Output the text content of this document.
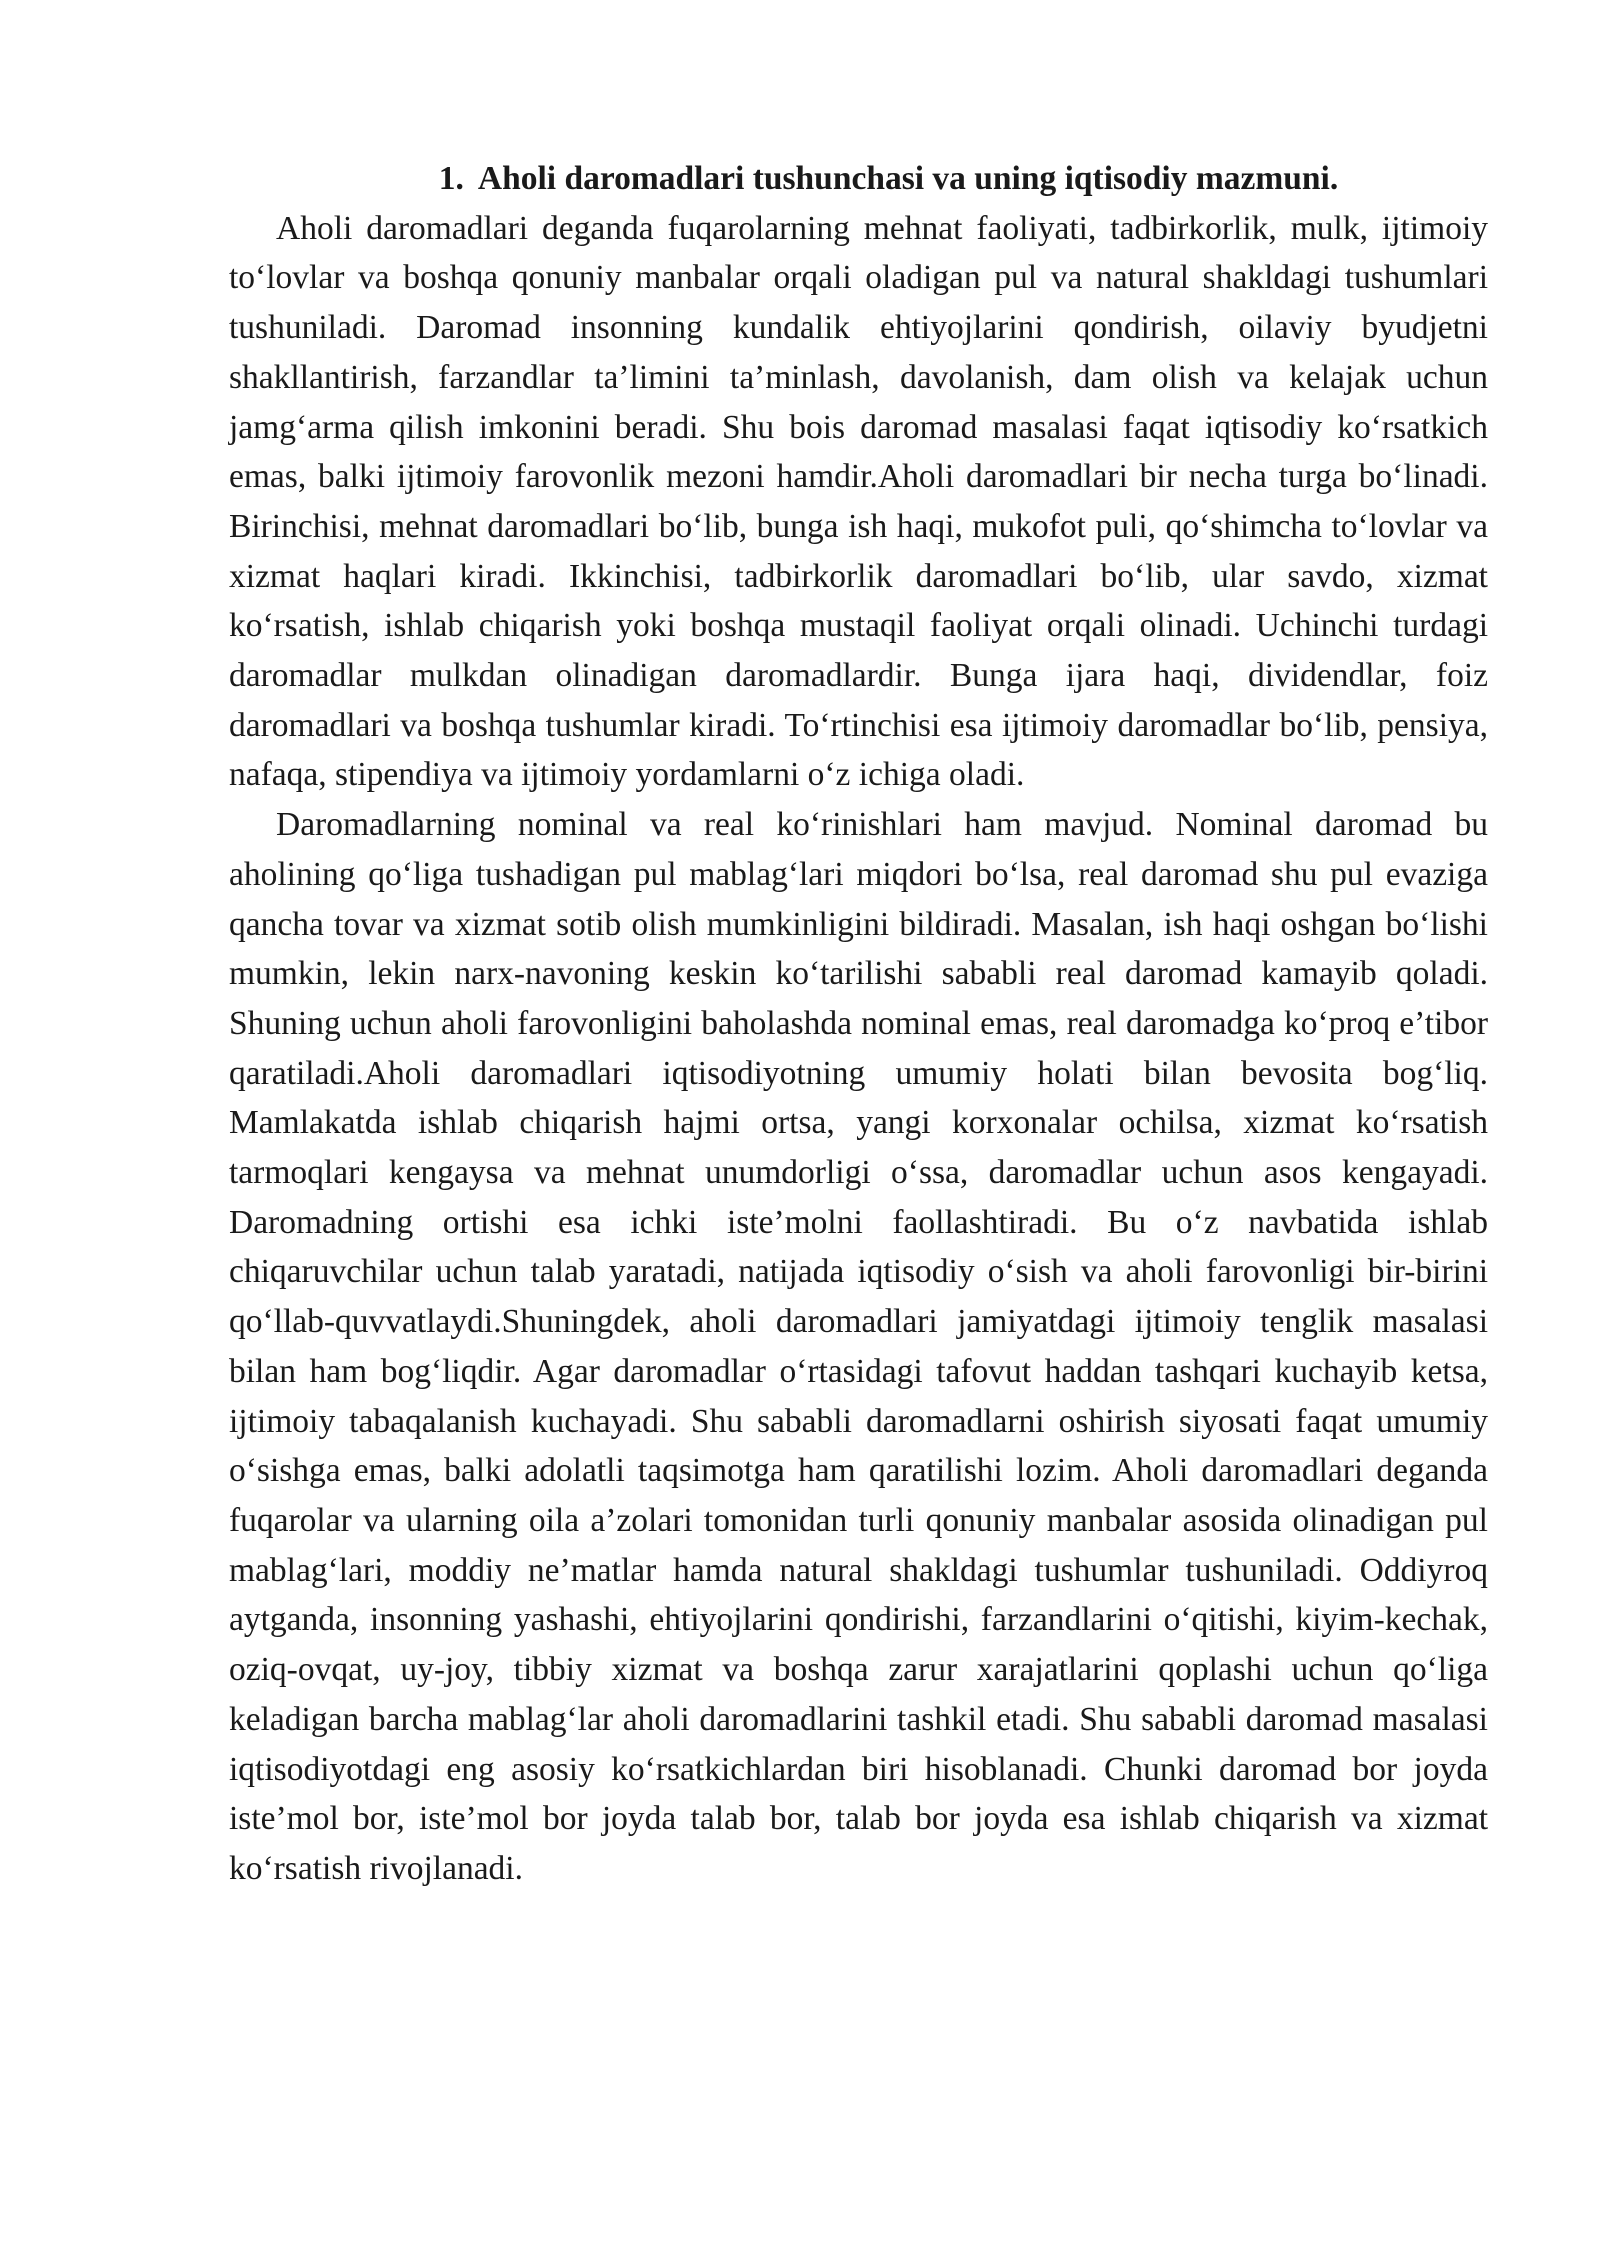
1. Aholi daromadlari tushunchasi va uning iqtisodiy mazmuni.

Aholi daromadlari deganda fuqarolarning mehnat faoliyati, tadbirkorlik, mulk, ijtimoiy to‘lovlar va boshqa qonuniy manbalar orqali oladigan pul va natural shakldagi tushumlari tushuniladi. Daromad insonning kundalik ehtiyojlarini qondirish, oilaviy byudjetni shakllantirish, farzandlar ta’limini ta’minlash, davolanish, dam olish va kelajak uchun jamg‘arma qilish imkonini beradi. Shu bois daromad masalasi faqat iqtisodiy ko‘rsatkich emas, balki ijtimoiy farovonlik mezoni hamdir.Aholi daromadlari bir necha turga bo‘linadi. Birinchisi, mehnat daromadlari bo‘lib, bunga ish haqi, mukofot puli, qo‘shimcha to‘lovlar va xizmat haqlari kiradi. Ikkinchisi, tadbirkorlik daromadlari bo‘lib, ular savdo, xizmat ko‘rsatish, ishlab chiqarish yoki boshqa mustaqil faoliyat orqali olinadi. Uchinchi turdagi daromadlar mulkdan olinadigan daromadlardir. Bunga ijara haqi, dividendlar, foiz daromadlari va boshqa tushumlar kiradi. To‘rtinchisi esa ijtimoiy daromadlar bo‘lib, pensiya, nafaqa, stipendiya va ijtimoiy yordamlarni o‘z ichiga oladi.

Daromadlarning nominal va real ko‘rinishlari ham mavjud. Nominal daromad bu aholining qo‘liga tushadigan pul mablag‘lari miqdori bo‘lsa, real daromad shu pul evaziga qancha tovar va xizmat sotib olish mumkinligini bildiradi. Masalan, ish haqi oshgan bo‘lishi mumkin, lekin narx-navoning keskin ko‘tarilishi sababli real daromad kamayib qoladi. Shuning uchun aholi farovonligini baholashda nominal emas, real daromadga ko‘proq e’tibor qaratiladi.Aholi daromadlari iqtisodiyotning umumiy holati bilan bevosita bog‘liq. Mamlakatda ishlab chiqarish hajmi ortsa, yangi korxonalar ochilsa, xizmat ko‘rsatish tarmoqlari kengaysa va mehnat unumdorligi o‘ssa, daromadlar uchun asos kengayadi. Daromadning ortishi esa ichki iste’molni faollashtiradi. Bu o‘z navbatida ishlab chiqaruvchilar uchun talab yaratadi, natijada iqtisodiy o‘sish va aholi farovonligi bir-birini qo‘llab-quvvatlaydi.Shuningdek, aholi daromadlari jamiyatdagi ijtimoiy tenglik masalasi bilan ham bog‘liqdir. Agar daromadlar o‘rtasidagi tafovut haddan tashqari kuchayib ketsa, ijtimoiy tabaqalanish kuchayadi. Shu sababli daromadlarni oshirish siyosati faqat umumiy o‘sishga emas, balki adolatli taqsimotga ham qaratilishi lozim. Aholi daromadlari deganda fuqarolar va ularning oila a’zolari tomonidan turli qonuniy manbalar asosida olinadigan pul mablag‘lari, moddiy ne’matlar hamda natural shakldagi tushumlar tushuniladi. Oddiyroq aytganda, insonning yashashi, ehtiyojlarini qondirishi, farzandlarini o‘qitishi, kiyim-kechak, oziq-ovqat, uy-joy, tibbiy xizmat va boshqa zarur xarajatlarini qoplashi uchun qo‘liga keladigan barcha mablag‘lar aholi daromadlarini tashkil etadi. Shu sababli daromad masalasi iqtisodiyotdagi eng asosiy ko‘rsatkichlardan biri hisoblanadi. Chunki daromad bor joyda iste’mol bor, iste’mol bor joyda talab bor, talab bor joyda esa ishlab chiqarish va xizmat ko‘rsatish rivojlanadi.
